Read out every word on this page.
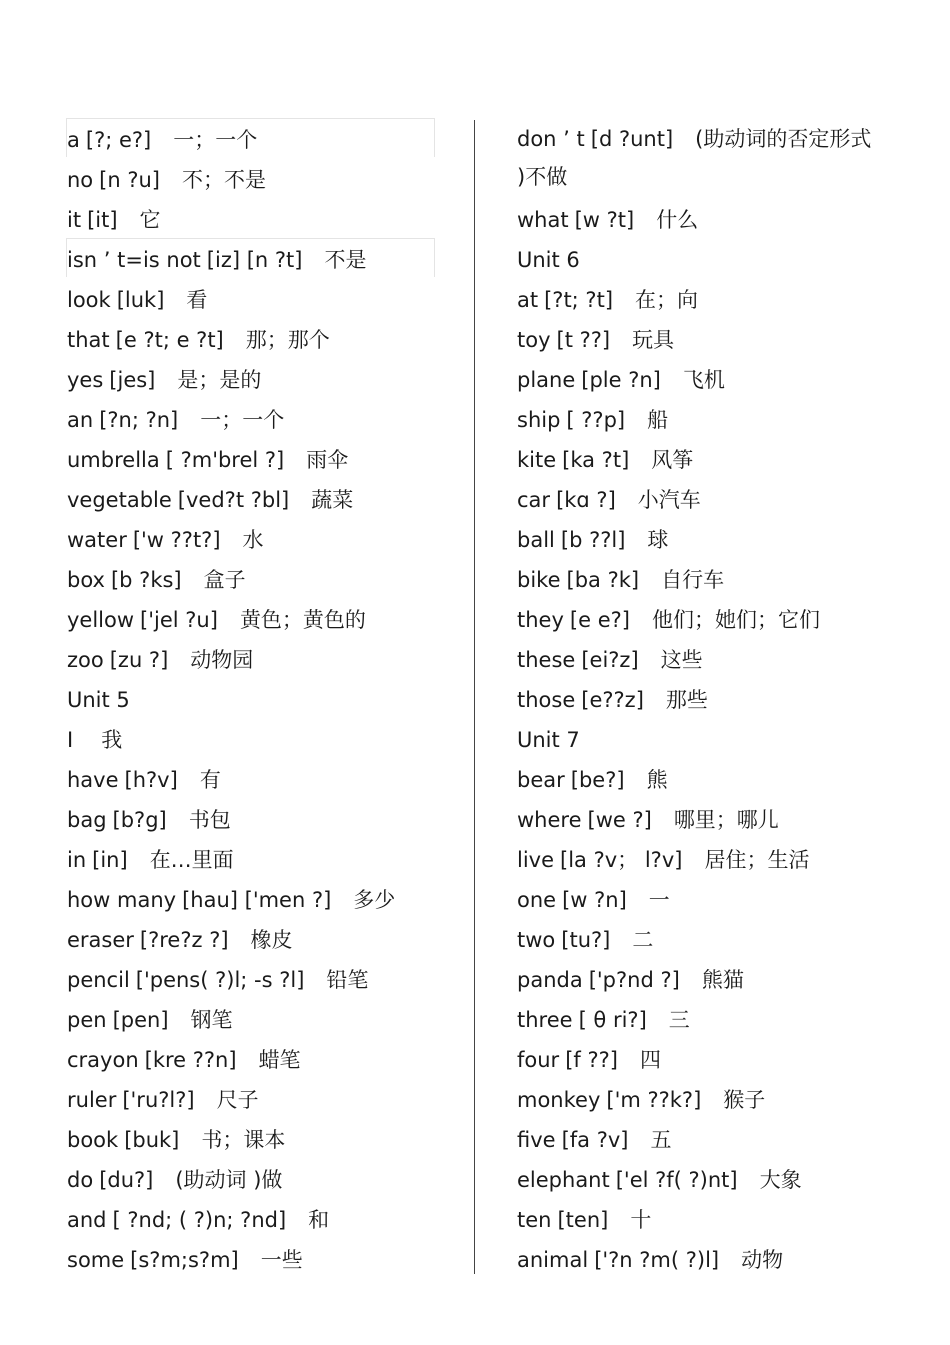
a [?; e?] 一；一个
no [n ?u] 不；不是
it [it] 它
isn ’ t=is not [iz] [n ?t] 不是
look [luk] 看
that [e ?t; e ?t] 那；那个
yes [jes] 是；是的
an [?n; ?n] 一；一个
umbrella [ ?m'brel ?] 雨伞
vegetable [ved?t ?bl] 蔬菜
water ['w ??t?] 水
box [b ?ks] 盒子
yellow ['jel ?u] 黄色；黄色的
zoo [zu ?] 动物园
Unit 5
I 我
have [h?v] 有
bag [b?g] 书包
in [in] 在…里面
how many [hau] ['men ?] 多少
eraser [?re?z ?] 橡皮
pencil ['pens( ?)l; -s ?l] 铅笔
pen [pen] 钢笔
crayon [kre ??n] 蜡笔
ruler ['ru?l?] 尺子
book [buk] 书；课本
do [du?] (助动词 )做
and [ ?nd; ( ?)n; ?nd] 和
some [s?m;s?m] 一些
don ’ t [d ?unt] (助动词的否定形式 )不做
what [w ?t] 什么
Unit 6
at [?t; ?t] 在；向
toy [t ??] 玩具
plane [ple ?n] 飞机
ship [ ??p] 船
kite [ka ?t] 风筝
car [kɑ ?] 小汽车
ball [b ??l] 球
bike [ba ?k] 自行车
they [e e?] 他们；她们；它们
these [ei?z] 这些
those [e??z] 那些
Unit 7
bear [be?] 熊
where [we ?] 哪里；哪儿
live [la ?v； l?v] 居住；生活
one [w ?n] 一
two [tu?] 二
panda ['p?nd ?] 熊猫
three [ θ ri?] 三
four [f ??] 四
monkey ['m ??k?] 猴子
five [fa ?v] 五
elephant ['el ?f( ?)nt] 大象
ten [ten] 十
animal ['?n ?m( ?)l] 动物
